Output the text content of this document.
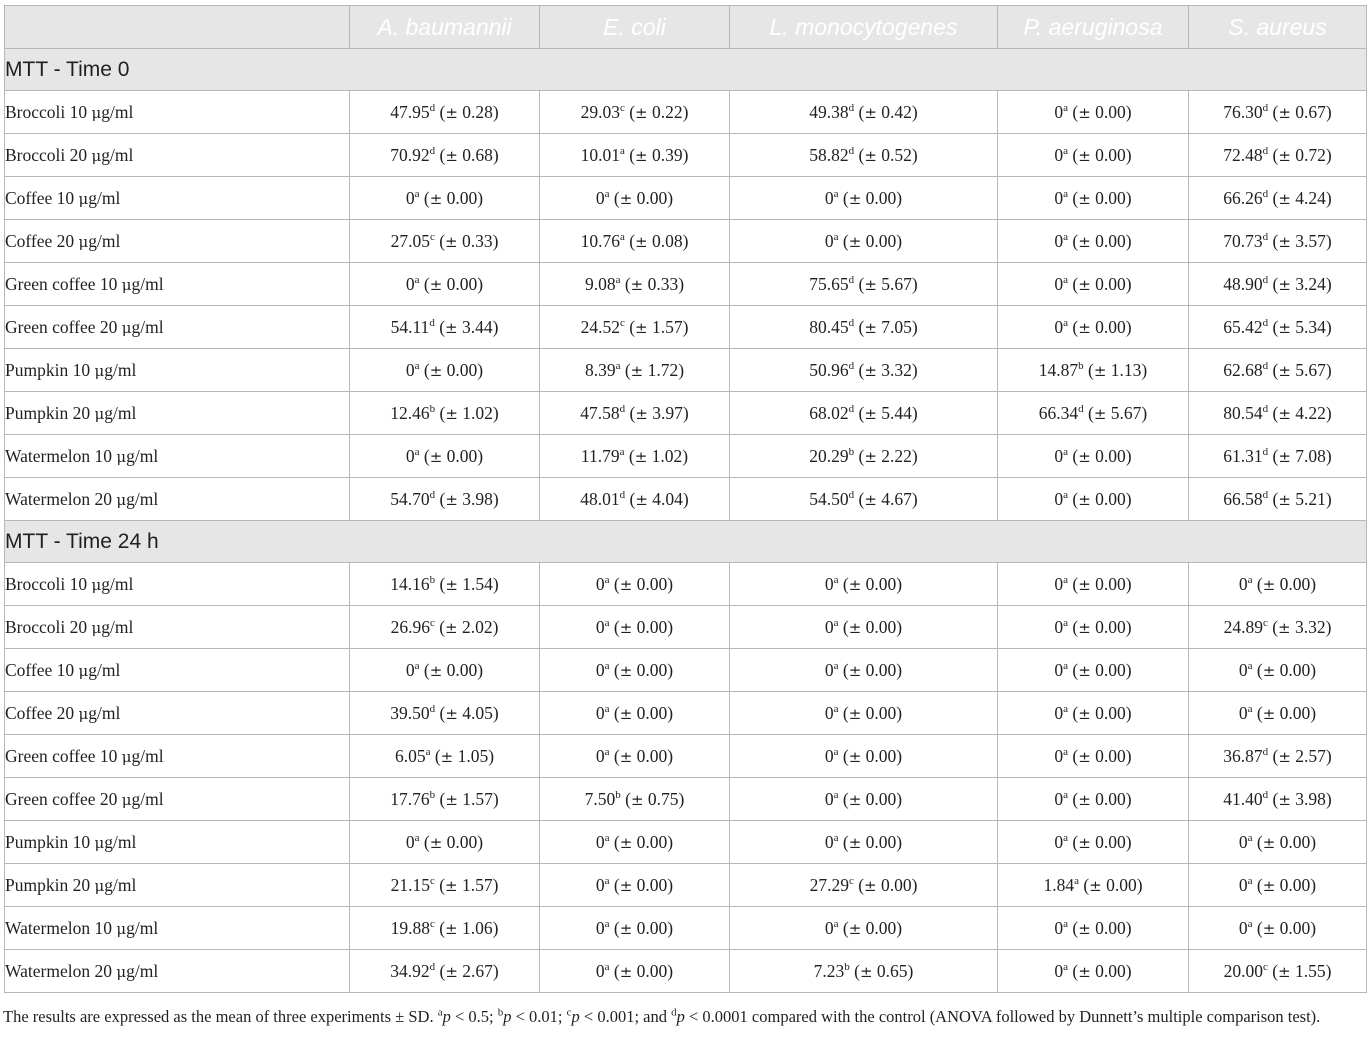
	A. baumannii	E. coli	L. monocytogenes	P. aeruginosa	S. aureus
MTT - Time 0					
Broccoli 10 μg/ml	47.95$^d$ (± 0.28)	29.03$^c$ (± 0.22)	49.38$^d$ (± 0.42)	0$^a$ (± 0.00)	76.30$^d$ (± 0.67)
Broccoli 20 μg/ml	70.92$^d$ (± 0.68)	10.01$^a$ (± 0.39)	58.82$^d$ (± 0.52)	0$^a$ (± 0.00)	72.48$^d$ (± 0.72)
Coffee 10 μg/ml	0$^a$ (± 0.00)	0$^a$ (± 0.00)	0$^a$ (± 0.00)	0$^a$ (± 0.00)	66.26$^d$ (± 4.24)
Coffee 20 μg/ml	27.05$^c$ (± 0.33)	10.76$^a$ (± 0.08)	0$^a$ (± 0.00)	0$^a$ (± 0.00)	70.73$^d$ (± 3.57)
Green coffee 10 μg/ml	0$^a$ (± 0.00)	9.08$^a$ (± 0.33)	75.65$^d$ (± 5.67)	0$^a$ (± 0.00)	48.90$^d$ (± 3.24)
Green coffee 20 μg/ml	54.11$^d$ (± 3.44)	24.52$^c$ (± 1.57)	80.45$^d$ (± 7.05)	0$^a$ (± 0.00)	65.42$^d$ (± 5.34)
Pumpkin 10 μg/ml	0$^a$ (± 0.00)	8.39$^a$ (± 1.72)	50.96$^d$ (± 3.32)	14.87$^b$ (± 1.13)	62.68$^d$ (± 5.67)
Pumpkin 20 μg/ml	12.46$^b$ (± 1.02)	47.58$^d$ (± 3.97)	68.02$^d$ (± 5.44)	66.34$^d$ (± 5.67)	80.54$^d$ (± 4.22)
Watermelon 10 μg/ml	0$^a$ (± 0.00)	11.79$^a$ (± 1.02)	20.29$^b$ (± 2.22)	0$^a$ (± 0.00)	61.31$^d$ (± 7.08)
Watermelon 20 μg/ml	54.70$^d$ (± 3.98)	48.01$^d$ (± 4.04)	54.50$^d$ (± 4.67)	0$^a$ (± 0.00)	66.58$^d$ (± 5.21)
MTT - Time 24 h					
Broccoli 10 μg/ml	14.16$^b$ (± 1.54)	0$^a$ (± 0.00)	0$^a$ (± 0.00)	0$^a$ (± 0.00)	0$^a$ (± 0.00)
Broccoli 20 μg/ml	26.96$^c$ (± 2.02)	0$^a$ (± 0.00)	0$^a$ (± 0.00)	0$^a$ (± 0.00)	24.89$^c$ (± 3.32)
Coffee 10 μg/ml	0$^a$ (± 0.00)	0$^a$ (± 0.00)	0$^a$ (± 0.00)	0$^a$ (± 0.00)	0$^a$ (± 0.00)
Coffee 20 μg/ml	39.50$^d$ (± 4.05)	0$^a$ (± 0.00)	0$^a$ (± 0.00)	0$^a$ (± 0.00)	0$^a$ (± 0.00)
Green coffee 10 μg/ml	6.05$^a$ (± 1.05)	0$^a$ (± 0.00)	0$^a$ (± 0.00)	0$^a$ (± 0.00)	36.87$^d$ (± 2.57)
Green coffee 20 μg/ml	17.76$^b$ (± 1.57)	7.50$^b$ (± 0.75)	0$^a$ (± 0.00)	0$^a$ (± 0.00)	41.40$^d$ (± 3.98)
Pumpkin 10 μg/ml	0$^a$ (± 0.00)	0$^a$ (± 0.00)	0$^a$ (± 0.00)	0$^a$ (± 0.00)	0$^a$ (± 0.00)
Pumpkin 20 μg/ml	21.15$^c$ (± 1.57)	0$^a$ (± 0.00)	27.29$^c$ (± 0.00)	1.84$^a$ (± 0.00)	0$^a$ (± 0.00)
Watermelon 10 μg/ml	19.88$^c$ (± 1.06)	0$^a$ (± 0.00)	0$^a$ (± 0.00)	0$^a$ (± 0.00)	0$^a$ (± 0.00)
Watermelon 20 μg/ml	34.92$^d$ (± 2.67)	0$^a$ (± 0.00)	7.23$^b$ (± 0.65)	0$^a$ (± 0.00)	20.00$^c$ (± 1.55)
The results are expressed as the mean of three experiments ± SD. $^a$p < 0.5; $^b$p < 0.01; $^c$p < 0.001; and $^d$p < 0.0001 compared with the control (ANOVA followed by Dunnett’s multiple comparison test).
